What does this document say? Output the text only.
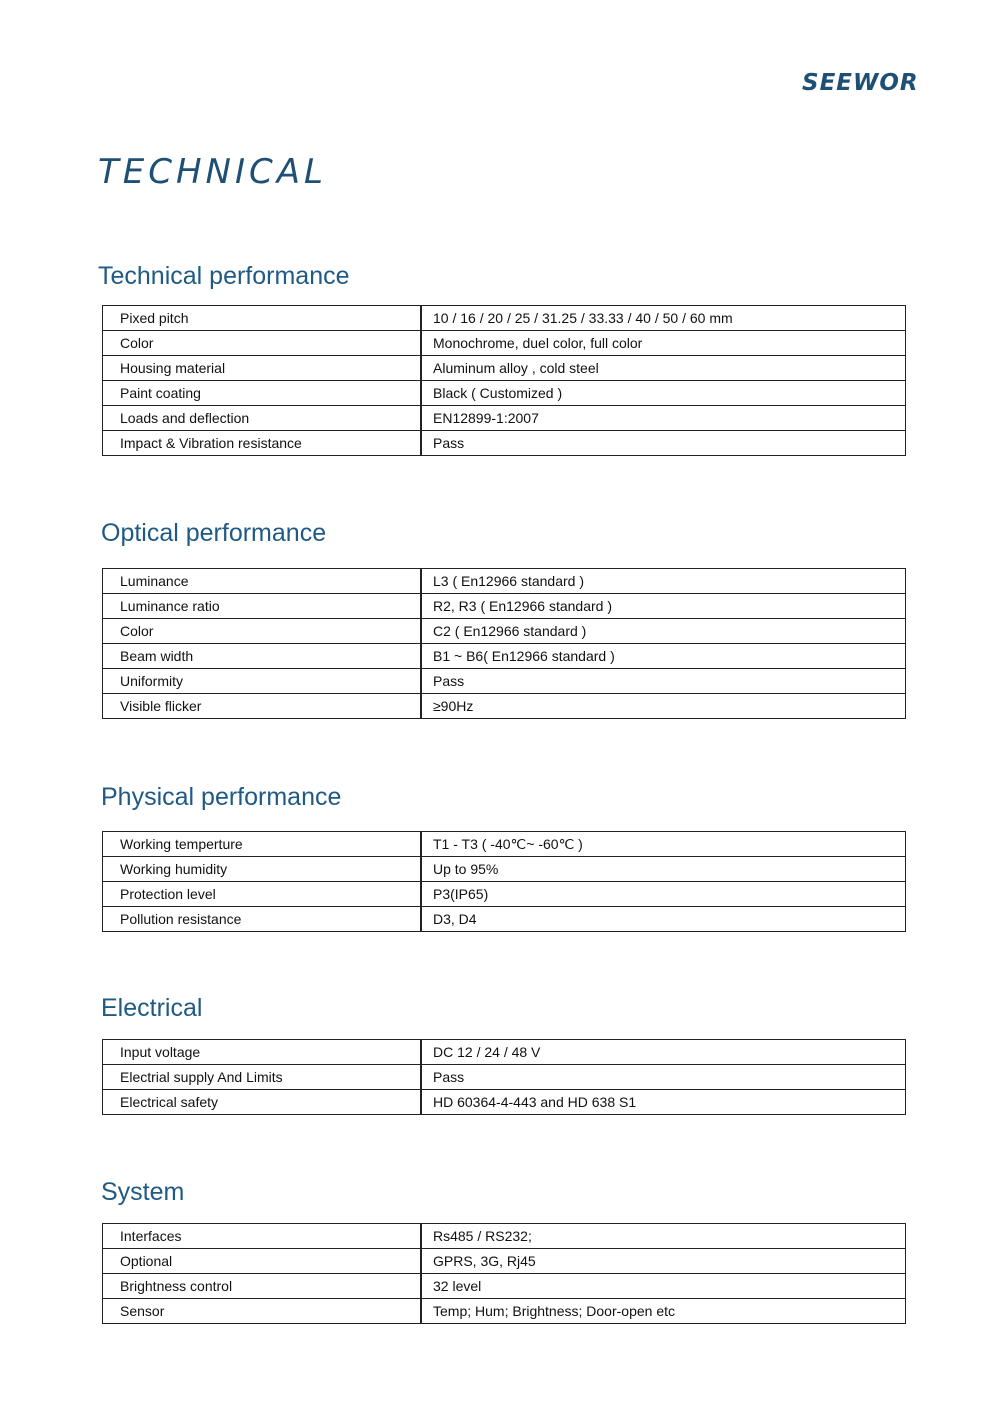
SEEWOR
TECHNICAL
Technical performance
Pixed pitch	10 / 16 / 20 / 25 / 31.25 / 33.33 / 40 / 50 / 60 mm
Color	Monochrome, duel color, full color
Housing material	Aluminum alloy , cold steel
Paint coating	Black ( Customized )
Loads and deflection	EN12899-1:2007
Impact & Vibration resistance	Pass
Optical performance
Luminance	L3 ( En12966 standard )
Luminance ratio	R2, R3 ( En12966 standard )
Color	C2 ( En12966 standard )
Beam width	B1 ~ B6( En12966 standard )
Uniformity	Pass
Visible flicker	≥90Hz
Physical performance
Working temperture	T1 - T3 ( -40℃~ -60℃ )
Working humidity	Up to 95%
Protection level	P3(IP65)
Pollution resistance	D3, D4
Electrical
Input voltage	DC 12 / 24 / 48 V
Electrial supply And Limits	Pass
Electrical safety	HD 60364-4-443 and HD 638 S1
System
Interfaces	Rs485 / RS232;
Optional	GPRS, 3G, Rj45
Brightness control	32 level
Sensor	Temp; Hum; Brightness; Door-open etc
